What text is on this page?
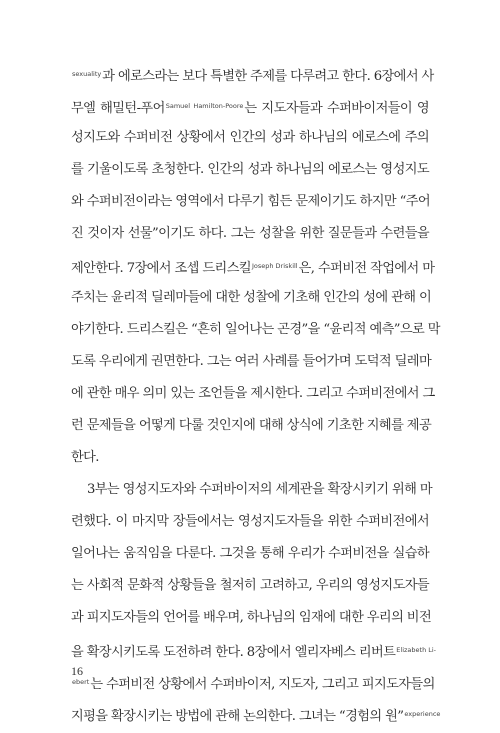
$^{sexuality}$과 에로스라는 보다 특별한 주제를 다루려고 한다. 6장에서 사
무엘 해밀턴-푸어$^{Samuel Hamilton-Poore}$는 지도자들과 수퍼바이저들이 영
성지도와 수퍼비전 상황에서 인간의 성과 하나님의 에로스에 주의
를 기울이도록 초청한다. 인간의 성과 하나님의 에로스는 영성지도
와 수퍼비전이라는 영역에서 다루기 힘든 문제이기도 하지만 “주어
진 것이자 선물”이기도 하다. 그는 성찰을 위한 질문들과 수련들을
제안한다. 7장에서 조셉 드리스킬$^{Joseph Driskill}$은, 수퍼비전 작업에서 마
주치는 윤리적 딜레마들에 대한 성찰에 기초해 인간의 성에 관해 이
야기한다. 드리스킬은 “흔히 일어나는 곤경”을 “윤리적 예측”으로 막
도록 우리에게 권면한다. 그는 여러 사례를 들어가며 도덕적 딜레마
에 관한 매우 의미 있는 조언들을 제시한다. 그리고 수퍼비전에서 그
런 문제들을 어떻게 다룰 것인지에 대해 상식에 기초한 지혜를 제공
한다.
3부는 영성지도자와 수퍼바이저의 세계관을 확장시키기 위해 마
련했다. 이 마지막 장들에서는 영성지도자들을 위한 수퍼비전에서
일어나는 움직임을 다룬다. 그것을 통해 우리가 수퍼비전을 실습하
는 사회적 문화적 상황들을 철저히 고려하고, 우리의 영성지도자들
과 피지도자들의 언어를 배우며, 하나님의 임재에 대한 우리의 비전
을 확장시키도록 도전하려 한다. 8장에서 엘리자베스 리버트$^{Elizabeth Li-}$
$^{ebert}$는 수퍼비전 상황에서 수퍼바이저, 지도자, 그리고 피지도자들의
지평을 확장시키는 방법에 관해 논의한다. 그녀는 “경험의 원”$^{experience}$
16
